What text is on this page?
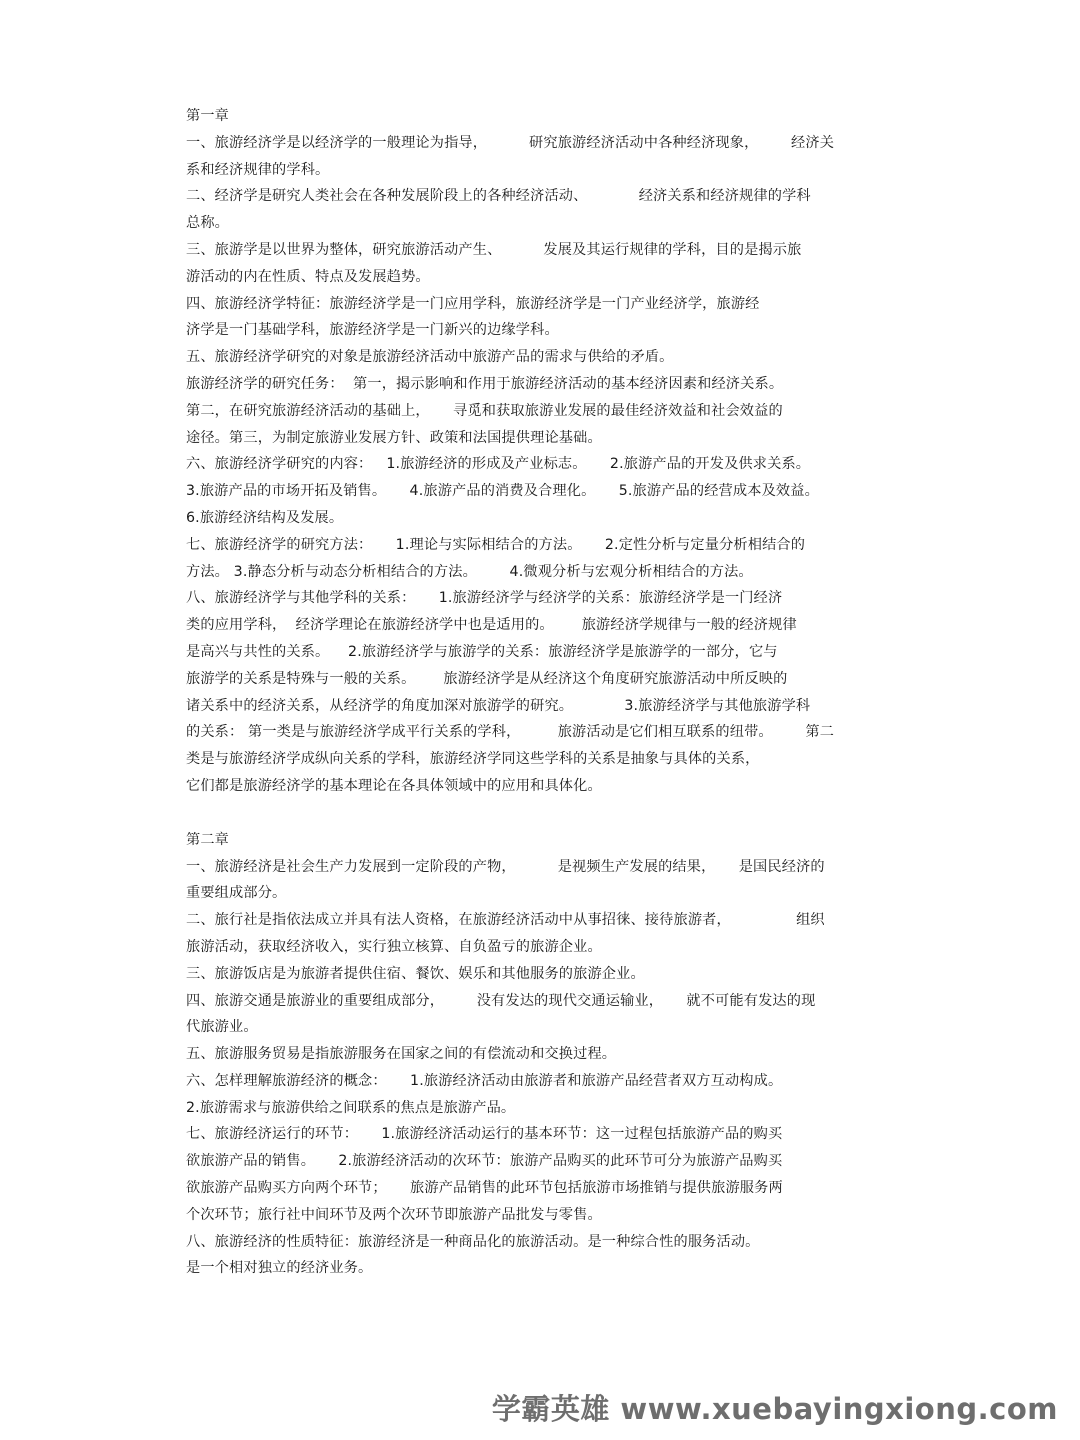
第一章
一、旅游经济学是以经济学的一般理论为指导，         研究旅游经济活动中各种经济现象，       经济关
系和经济规律的学科。
二、经济学是研究人类社会在各种发展阶段上的各种经济活动、           经济关系和经济规律的学科
总称。
三、旅游学是以世界为整体，研究旅游活动产生、         发展及其运行规律的学科，目的是揭示旅
游活动的内在性质、特点及发展趋势。
四、旅游经济学特征：旅游经济学是一门应用学科，旅游经济学是一门产业经济学，旅游经
济学是一门基础学科，旅游经济学是一门新兴的边缘学科。
五、旅游经济学研究的对象是旅游经济活动中旅游产品的需求与供给的矛盾。
旅游经济学的研究任务：  第一，揭示影响和作用于旅游经济活动的基本经济因素和经济关系。
第二，在研究旅游经济活动的基础上，     寻觅和获取旅游业发展的最佳经济效益和社会效益的
途径。第三，为制定旅游业发展方针、政策和法国提供理论基础。
六、旅游经济学研究的内容：   1.旅游经济的形成及产业标志。     2.旅游产品的开发及供求关系。
3.旅游产品的市场开拓及销售。     4.旅游产品的消费及合理化。     5.旅游产品的经营成本及效益。
6.旅游经济结构及发展。
七、旅游经济学的研究方法：     1.理论与实际相结合的方法。     2.定性分析与定量分析相结合的
方法。 3.静态分析与动态分析相结合的方法。       4.微观分析与宏观分析相结合的方法。
八、旅游经济学与其他学科的关系：     1.旅游经济学与经济学的关系：旅游经济学是一门经济
类的应用学科，  经济学理论在旅游经济学中也是适用的。      旅游经济学规律与一般的经济规律
是高兴与共性的关系。    2.旅游经济学与旅游学的关系：旅游经济学是旅游学的一部分，它与
旅游学的关系是特殊与一般的关系。      旅游经济学是从经济这个角度研究旅游活动中所反映的
诸关系中的经济关系，从经济学的角度加深对旅游学的研究。           3.旅游经济学与其他旅游学科
的关系： 第一类是与旅游经济学成平行关系的学科，        旅游活动是它们相互联系的纽带。       第二
类是与旅游经济学成纵向关系的学科，旅游经济学同这些学科的关系是抽象与具体的关系，
它们都是旅游经济学的基本理论在各具体领域中的应用和具体化。
第二章
一、旅游经济是社会生产力发展到一定阶段的产物，         是视频生产发展的结果，     是国民经济的
重要组成部分。
二、旅行社是指依法成立并具有法人资格，在旅游经济活动中从事招徕、接待旅游者，              组织
旅游活动，获取经济收入，实行独立核算、自负盈亏的旅游企业。
三、旅游饭店是为旅游者提供住宿、餐饮、娱乐和其他服务的旅游企业。
四、旅游交通是旅游业的重要组成部分，       没有发达的现代交通运输业，     就不可能有发达的现
代旅游业。
五、旅游服务贸易是指旅游服务在国家之间的有偿流动和交换过程。
六、怎样理解旅游经济的概念：     1.旅游经济活动由旅游者和旅游产品经营者双方互动构成。
2.旅游需求与旅游供给之间联系的焦点是旅游产品。
七、旅游经济运行的环节：     1.旅游经济活动运行的基本环节：这一过程包括旅游产品的购买
欲旅游产品的销售。     2.旅游经济活动的次环节：旅游产品购买的此环节可分为旅游产品购买
欲旅游产品购买方向两个环节；     旅游产品销售的此环节包括旅游市场推销与提供旅游服务两
个次环节；旅行社中间环节及两个次环节即旅游产品批发与零售。
八、旅游经济的性质特征：旅游经济是一种商品化的旅游活动。是一种综合性的服务活动。
是一个相对独立的经济业务。
学霸英雄 www.xuebayingxiong.com
